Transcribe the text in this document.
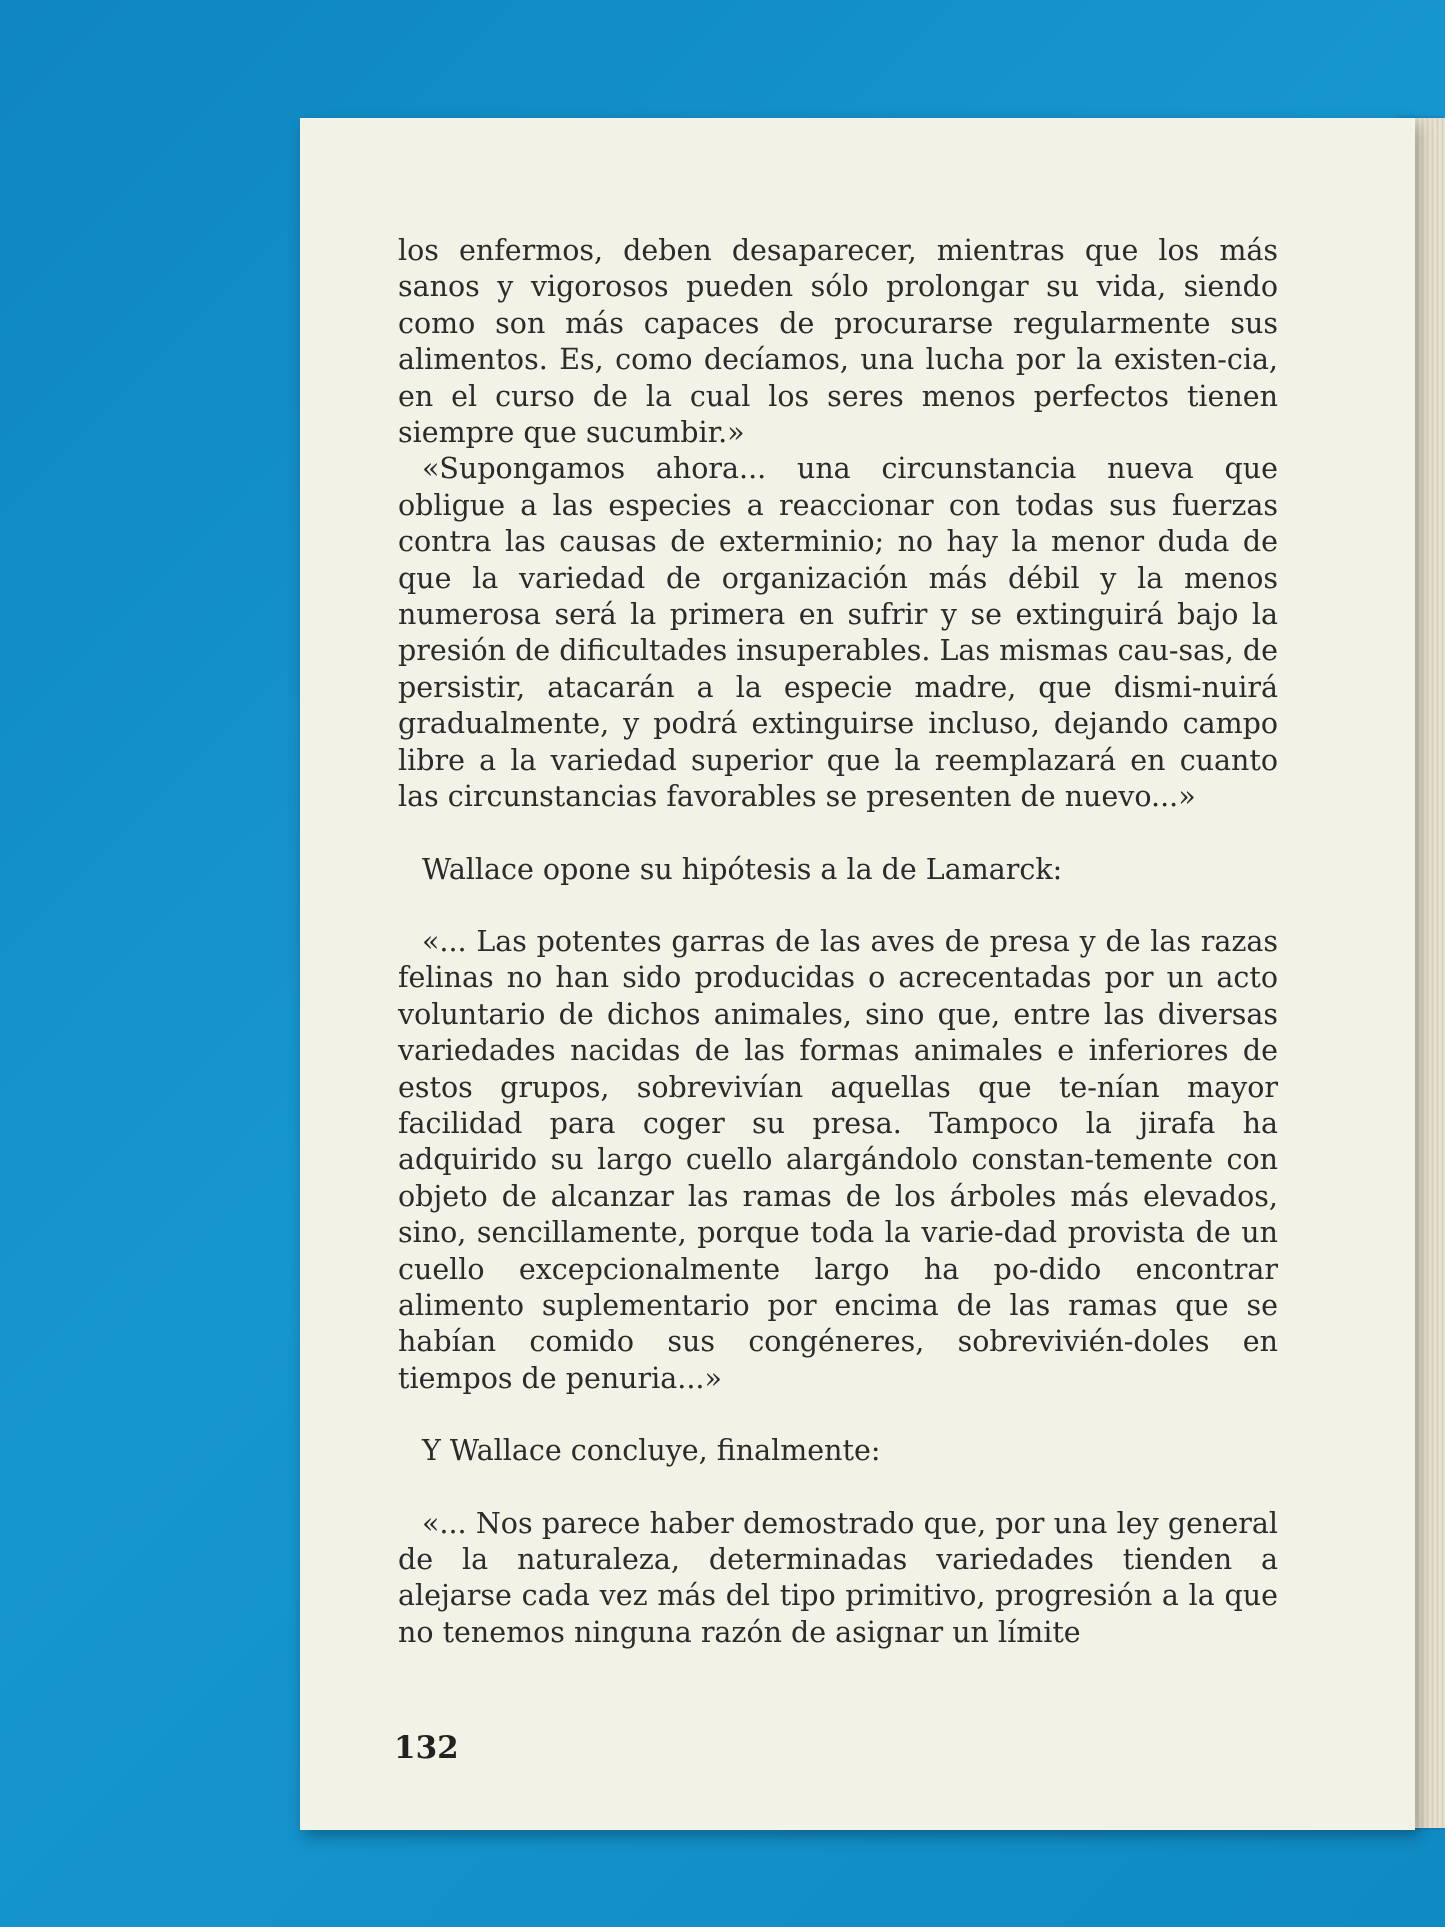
los enfermos, deben desaparecer, mientras que los más sanos y vigorosos pueden sólo prolongar su vida, siendo como son más capaces de procurarse regularmente sus alimentos. Es, como decíamos, una lucha por la existen-cia, en el curso de la cual los seres menos perfectos tienen siempre que sucumbir.»

«Supongamos ahora... una circunstancia nueva que obligue a las especies a reaccionar con todas sus fuerzas contra las causas de exterminio; no hay la menor duda de que la variedad de organización más débil y la menos numerosa será la primera en sufrir y se extinguirá bajo la presión de dificultades insuperables. Las mismas cau-sas, de persistir, atacarán a la especie madre, que dismi-nuirá gradualmente, y podrá extinguirse incluso, dejando campo libre a la variedad superior que la reemplazará en cuanto las circunstancias favorables se presenten de nuevo...»

Wallace opone su hipótesis a la de Lamarck:

«... Las potentes garras de las aves de presa y de las razas felinas no han sido producidas o acrecentadas por un acto voluntario de dichos animales, sino que, entre las diversas variedades nacidas de las formas animales e inferiores de estos grupos, sobrevivían aquellas que te-nían mayor facilidad para coger su presa. Tampoco la jirafa ha adquirido su largo cuello alargándolo constan-temente con objeto de alcanzar las ramas de los árboles más elevados, sino, sencillamente, porque toda la varie-dad provista de un cuello excepcionalmente largo ha po-dido encontrar alimento suplementario por encima de las ramas que se habían comido sus congéneres, sobrevivién-doles en tiempos de penuria...»

Y Wallace concluye, finalmente:

«... Nos parece haber demostrado que, por una ley general de la naturaleza, determinadas variedades tienden a alejarse cada vez más del tipo primitivo, progresión a la que no tenemos ninguna razón de asignar un límite

132
